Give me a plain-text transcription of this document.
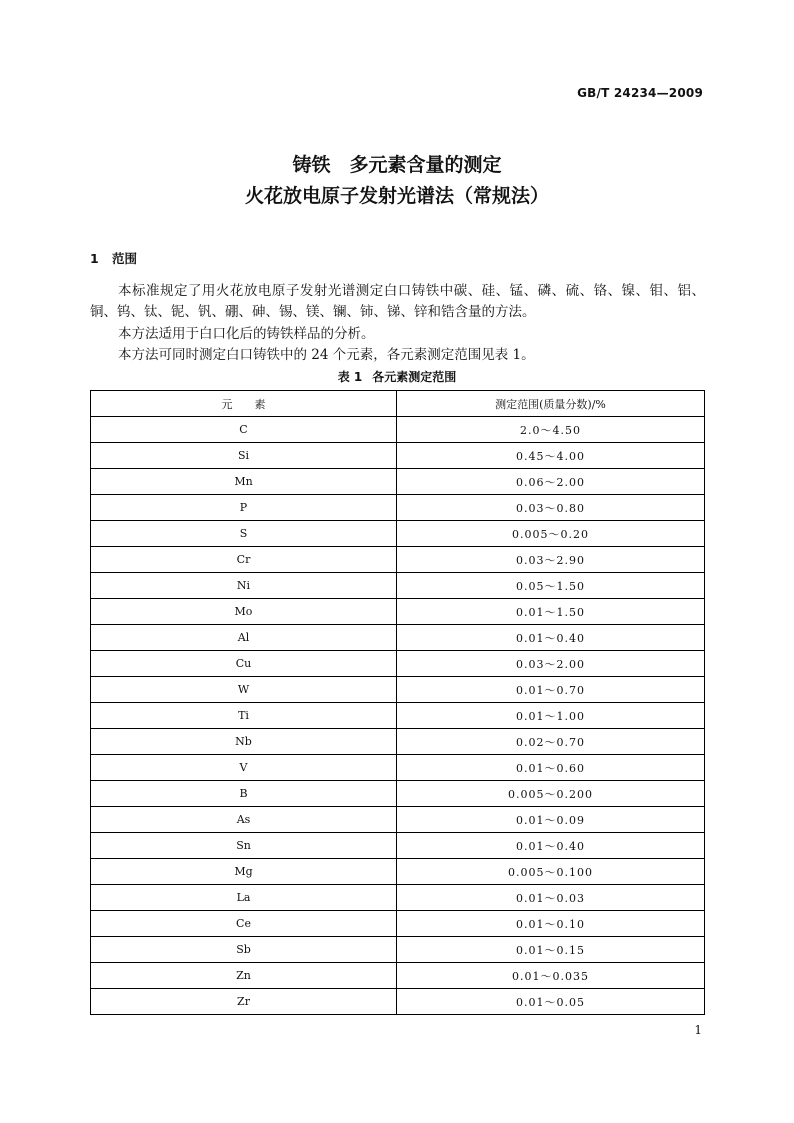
GB/T 24234—2009
铸铁　多元素含量的测定
火花放电原子发射光谱法（常规法）
1 范围

本标准规定了用火花放电原子发射光谱测定白口铸铁中碳、硅、锰、磷、硫、铬、镍、钼、铝、铜、钨、钛、铌、钒、硼、砷、锡、镁、镧、铈、锑、锌和锆含量的方法。

本方法适用于白口化后的铸铁样品的分析。

本方法可同时测定白口铸铁中的 24 个元素，各元素测定范围见表 1。

表 1 各元素测定范围
元　　素	测定范围(质量分数)/%
C	2.0～4.50
Si	0.45～4.00
Mn	0.06～2.00
P	0.03～0.80
S	0.005～0.20
Cr	0.03～2.90
Ni	0.05～1.50
Mo	0.01～1.50
Al	0.01～0.40
Cu	0.03～2.00
W	0.01～0.70
Ti	0.01～1.00
Nb	0.02～0.70
V	0.01～0.60
B	0.005～0.200
As	0.01～0.09
Sn	0.01～0.40
Mg	0.005～0.100
La	0.01～0.03
Ce	0.01～0.10
Sb	0.01～0.15
Zn	0.01～0.035
Zr	0.01～0.05
1
